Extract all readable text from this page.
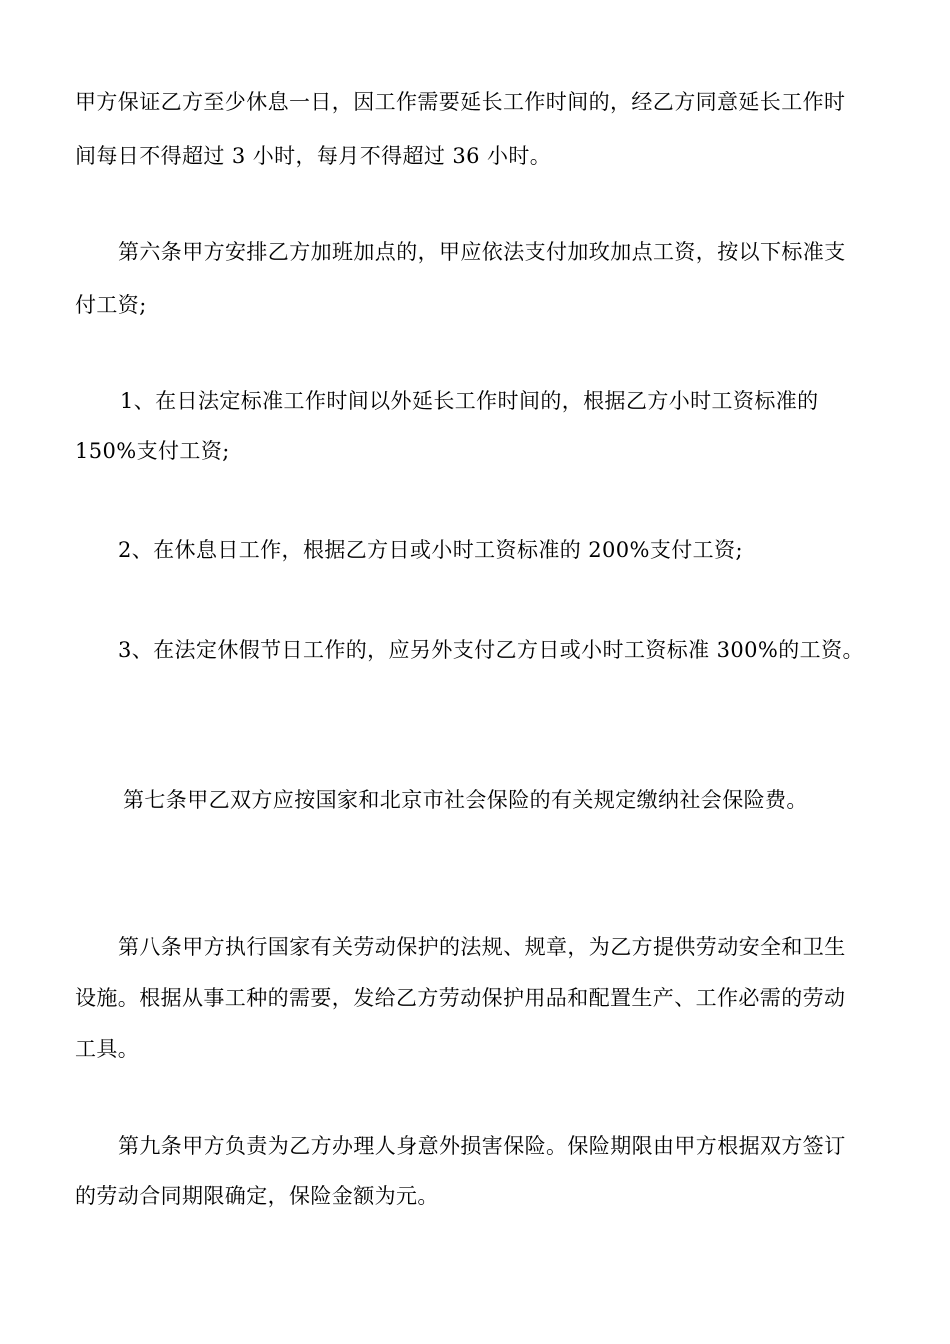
甲方保证乙方至少休息一日，因工作需要延长工作时间的，经乙方同意延长工作时
间每日不得超过 3 小时，每月不得超过 36 小时。
第六条甲方安排乙方加班加点的，甲应依法支付加玫加点工资，按以下标准支
付工资;
1、在日法定标准工作时间以外延长工作时间的，根据乙方小时工资标准的
150%支付工资;
2、在休息日工作，根据乙方日或小时工资标准的 200%支付工资;
3、在法定休假节日工作的，应另外支付乙方日或小时工资标准 300%的工资。
第七条甲乙双方应按国家和北京市社会保险的有关规定缴纳社会保险费。
第八条甲方执行国家有关劳动保护的法规、规章，为乙方提供劳动安全和卫生
设施。根据从事工种的需要，发给乙方劳动保护用品和配置生产、工作必需的劳动
工具。
第九条甲方负责为乙方办理人身意外损害保险。保险期限由甲方根据双方签订
的劳动合同期限确定，保险金额为元。
